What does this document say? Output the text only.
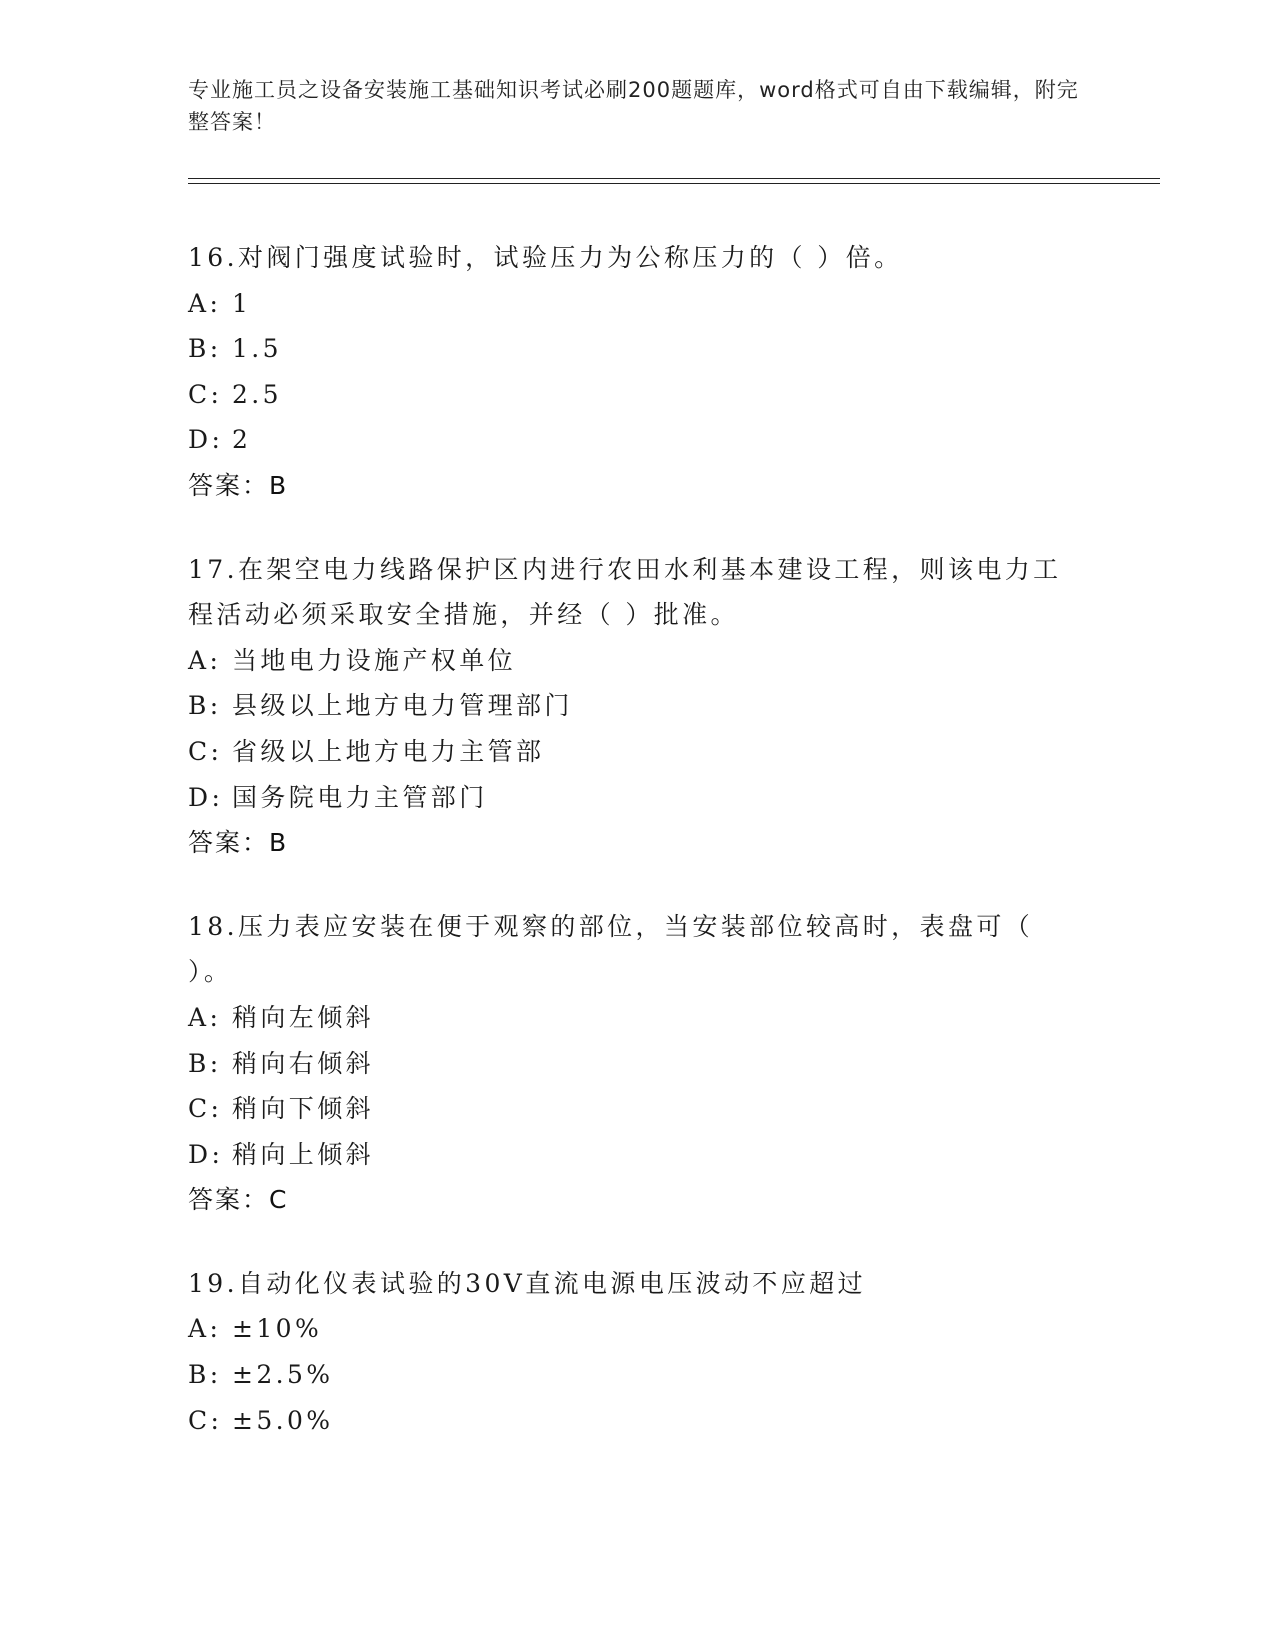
专业施工员之设备安装施工基础知识考试必刷200题题库，word格式可自由下载编辑，附完整答案！
16.对阀门强度试验时，试验压力为公称压力的（ ）倍。
A: 1
B: 1.5
C: 2.5
D: 2
答案：B
17.在架空电力线路保护区内进行农田水利基本建设工程，则该电力工程活动必须采取安全措施，并经（ ）批准。
A: 当地电力设施产权单位
B: 县级以上地方电力管理部门
C: 省级以上地方电力主管部
D: 国务院电力主管部门
答案：B
18.压力表应安装在便于观察的部位，当安装部位较高时，表盘可（ ）。
A: 稍向左倾斜
B: 稍向右倾斜
C: 稍向下倾斜
D: 稍向上倾斜
答案：C
19.自动化仪表试验的30V直流电源电压波动不应超过
A: ±10%
B: ±2.5%
C: ±5.0%
